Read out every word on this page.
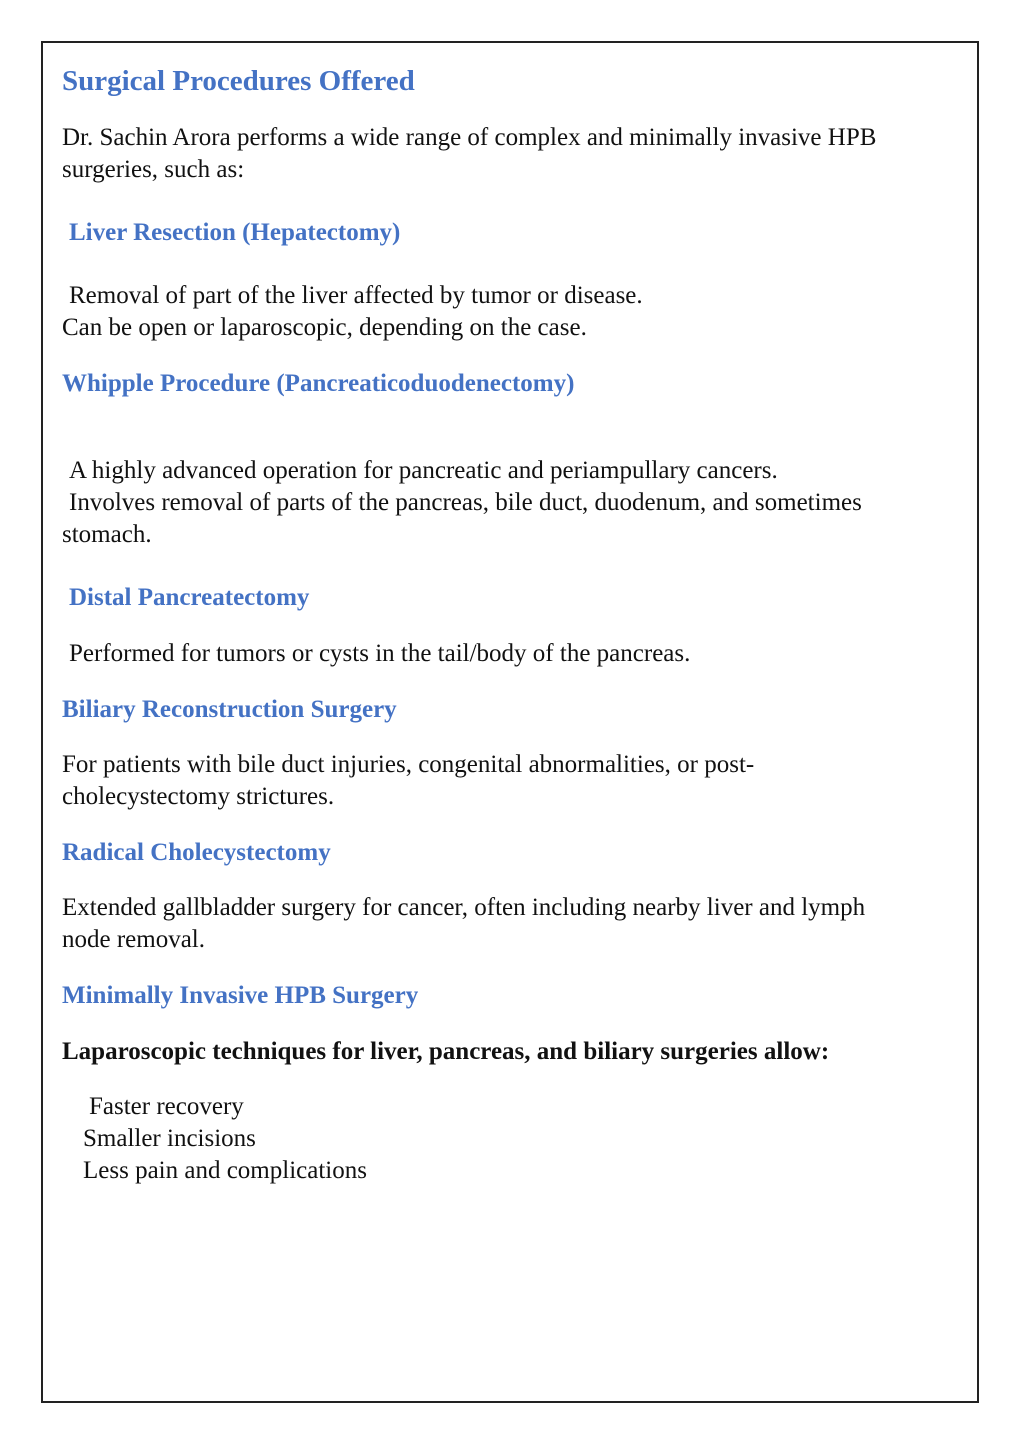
Surgical Procedures Offered

Dr. Sachin Arora performs a wide range of complex and minimally invasive HPB

surgeries, such as:

Liver Resection (Hepatectomy)

Removal of part of the liver affected by tumor or disease.

Can be open or laparoscopic, depending on the case.

Whipple Procedure (Pancreaticoduodenectomy)

A highly advanced operation for pancreatic and periampullary cancers.

Involves removal of parts of the pancreas, bile duct, duodenum, and sometimes

stomach.

Distal Pancreatectomy

Performed for tumors or cysts in the tail/body of the pancreas.

Biliary Reconstruction Surgery

For patients with bile duct injuries, congenital abnormalities, or post-

cholecystectomy strictures.

Radical Cholecystectomy

Extended gallbladder surgery for cancer, often including nearby liver and lymph

node removal.

Minimally Invasive HPB Surgery

Laparoscopic techniques for liver, pancreas, and biliary surgeries allow:

Faster recovery

Smaller incisions

Less pain and complications
